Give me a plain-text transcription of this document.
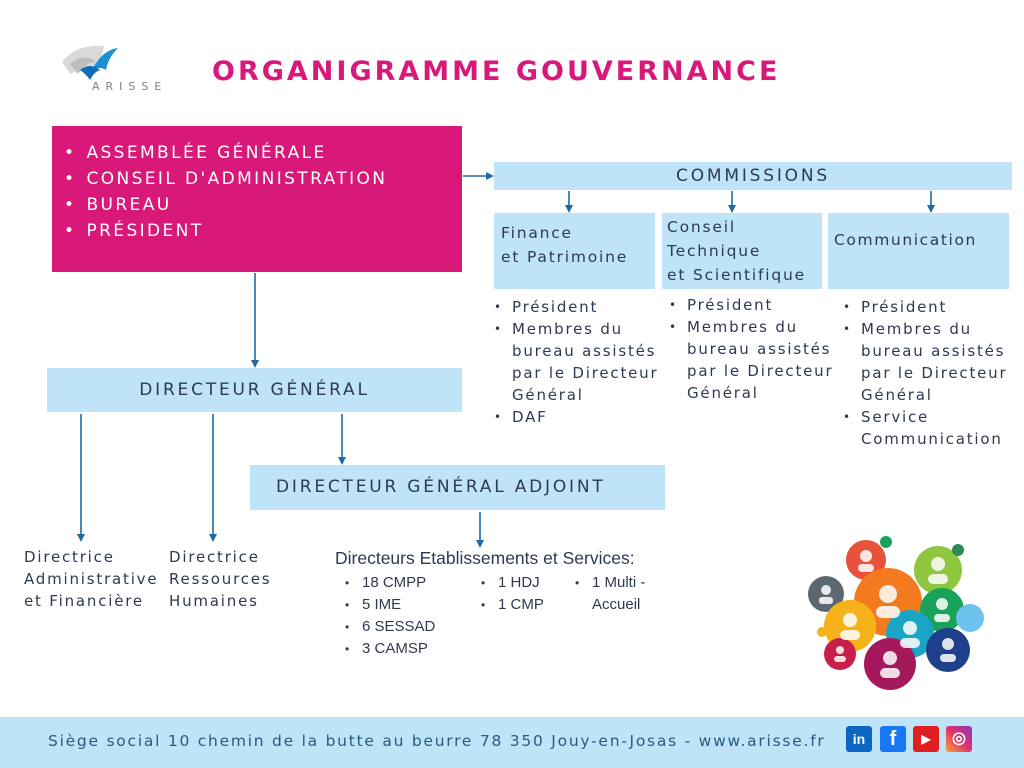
ARISSE ORGANIGRAMME GOUVERNANCE
• ASSEMBLÉE GÉNÉRALE
• CONSEIL D'ADMINISTRATION
• BUREAU
• PRÉSIDENT
COMMISSIONS
Finance
et Patrimoine
Conseil
Technique
et Scientifique
Communication
• Président
• Membres du bureau assistés par le Directeur Général
• DAF
• Président
• Membres du bureau assistés par le Directeur Général
• Président
• Membres du bureau assistés par le Directeur Général
• Service Communication
DIRECTEUR GÉNÉRAL
DIRECTEUR GÉNÉRAL ADJOINT
Directrice
Administrative
et Financière
Directrice
Ressources
Humaines
Directeurs Etablissements et Services:
• 18 CMPP
• 5 IME
• 6 SESSAD
• 3 CAMSP
• 1 HDJ
• 1 CMP
• 1 Multi - Accueil
Siège social 10 chemin de la butte au beurre 78 350 Jouy-en-Josas - www.arisse.fr	in	f	▶	◎
